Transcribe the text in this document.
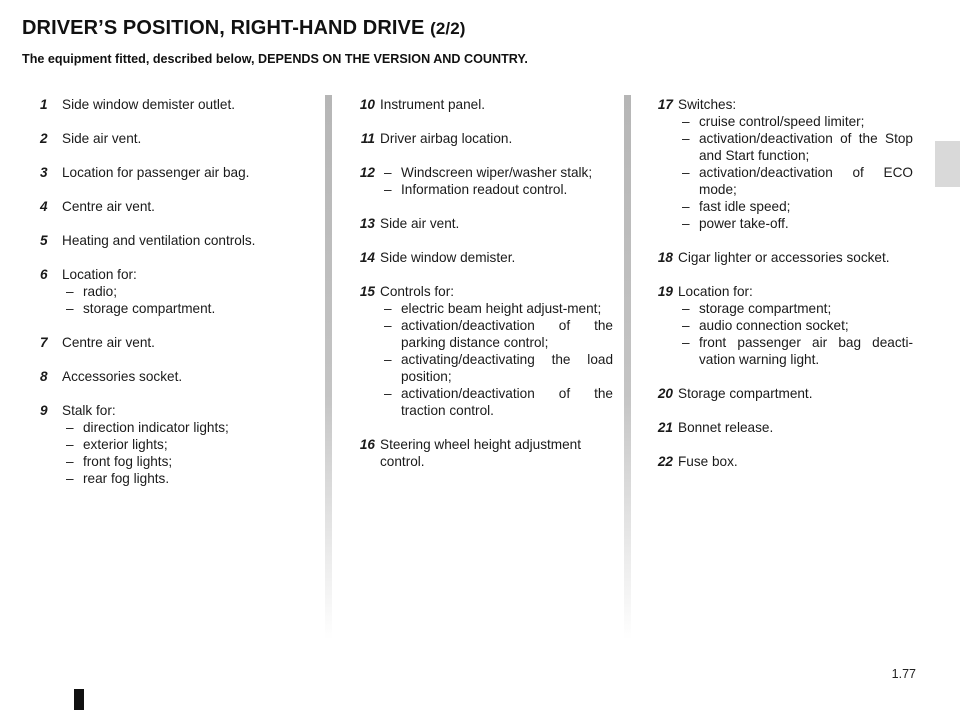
DRIVER’S POSITION, RIGHT-HAND DRIVE (2/2)

The equipment fitted, described below, DEPENDS ON THE VERSION AND COUNTRY.

1 Side window demister outlet.
2 Side air vent.
3 Location for passenger air bag.
4 Centre air vent.
5 Heating and ventilation controls.
6 Location for:
– radio;
– storage compartment.
7 Centre air vent.
8 Accessories socket.
9 Stalk for:
– direction indicator lights;
– exterior lights;
– front fog lights;
– rear fog lights.
10 Instrument panel.
11 Driver airbag location.
12 – Windscreen wiper/washer stalk;
– Information readout control.
13 Side air vent.
14 Side window demister.
15 Controls for:
– electric beam height adjust-ment;
– activation/deactivation of the parking distance control;
– activating/deactivating the load position;
– activation/deactivation of the traction control.
16 Steering wheel height adjustment control.
17 Switches:
– cruise control/speed limiter;
– activation/deactivation of the Stop and Start function;
– activation/deactivation of ECO mode;
– fast idle speed;
– power take-off.
18 Cigar lighter or accessories socket.
19 Location for:
– storage compartment;
– audio connection socket;
– front passenger air bag deacti-vation warning light.
20 Storage compartment.
21 Bonnet release.
22 Fuse box.
1.77
